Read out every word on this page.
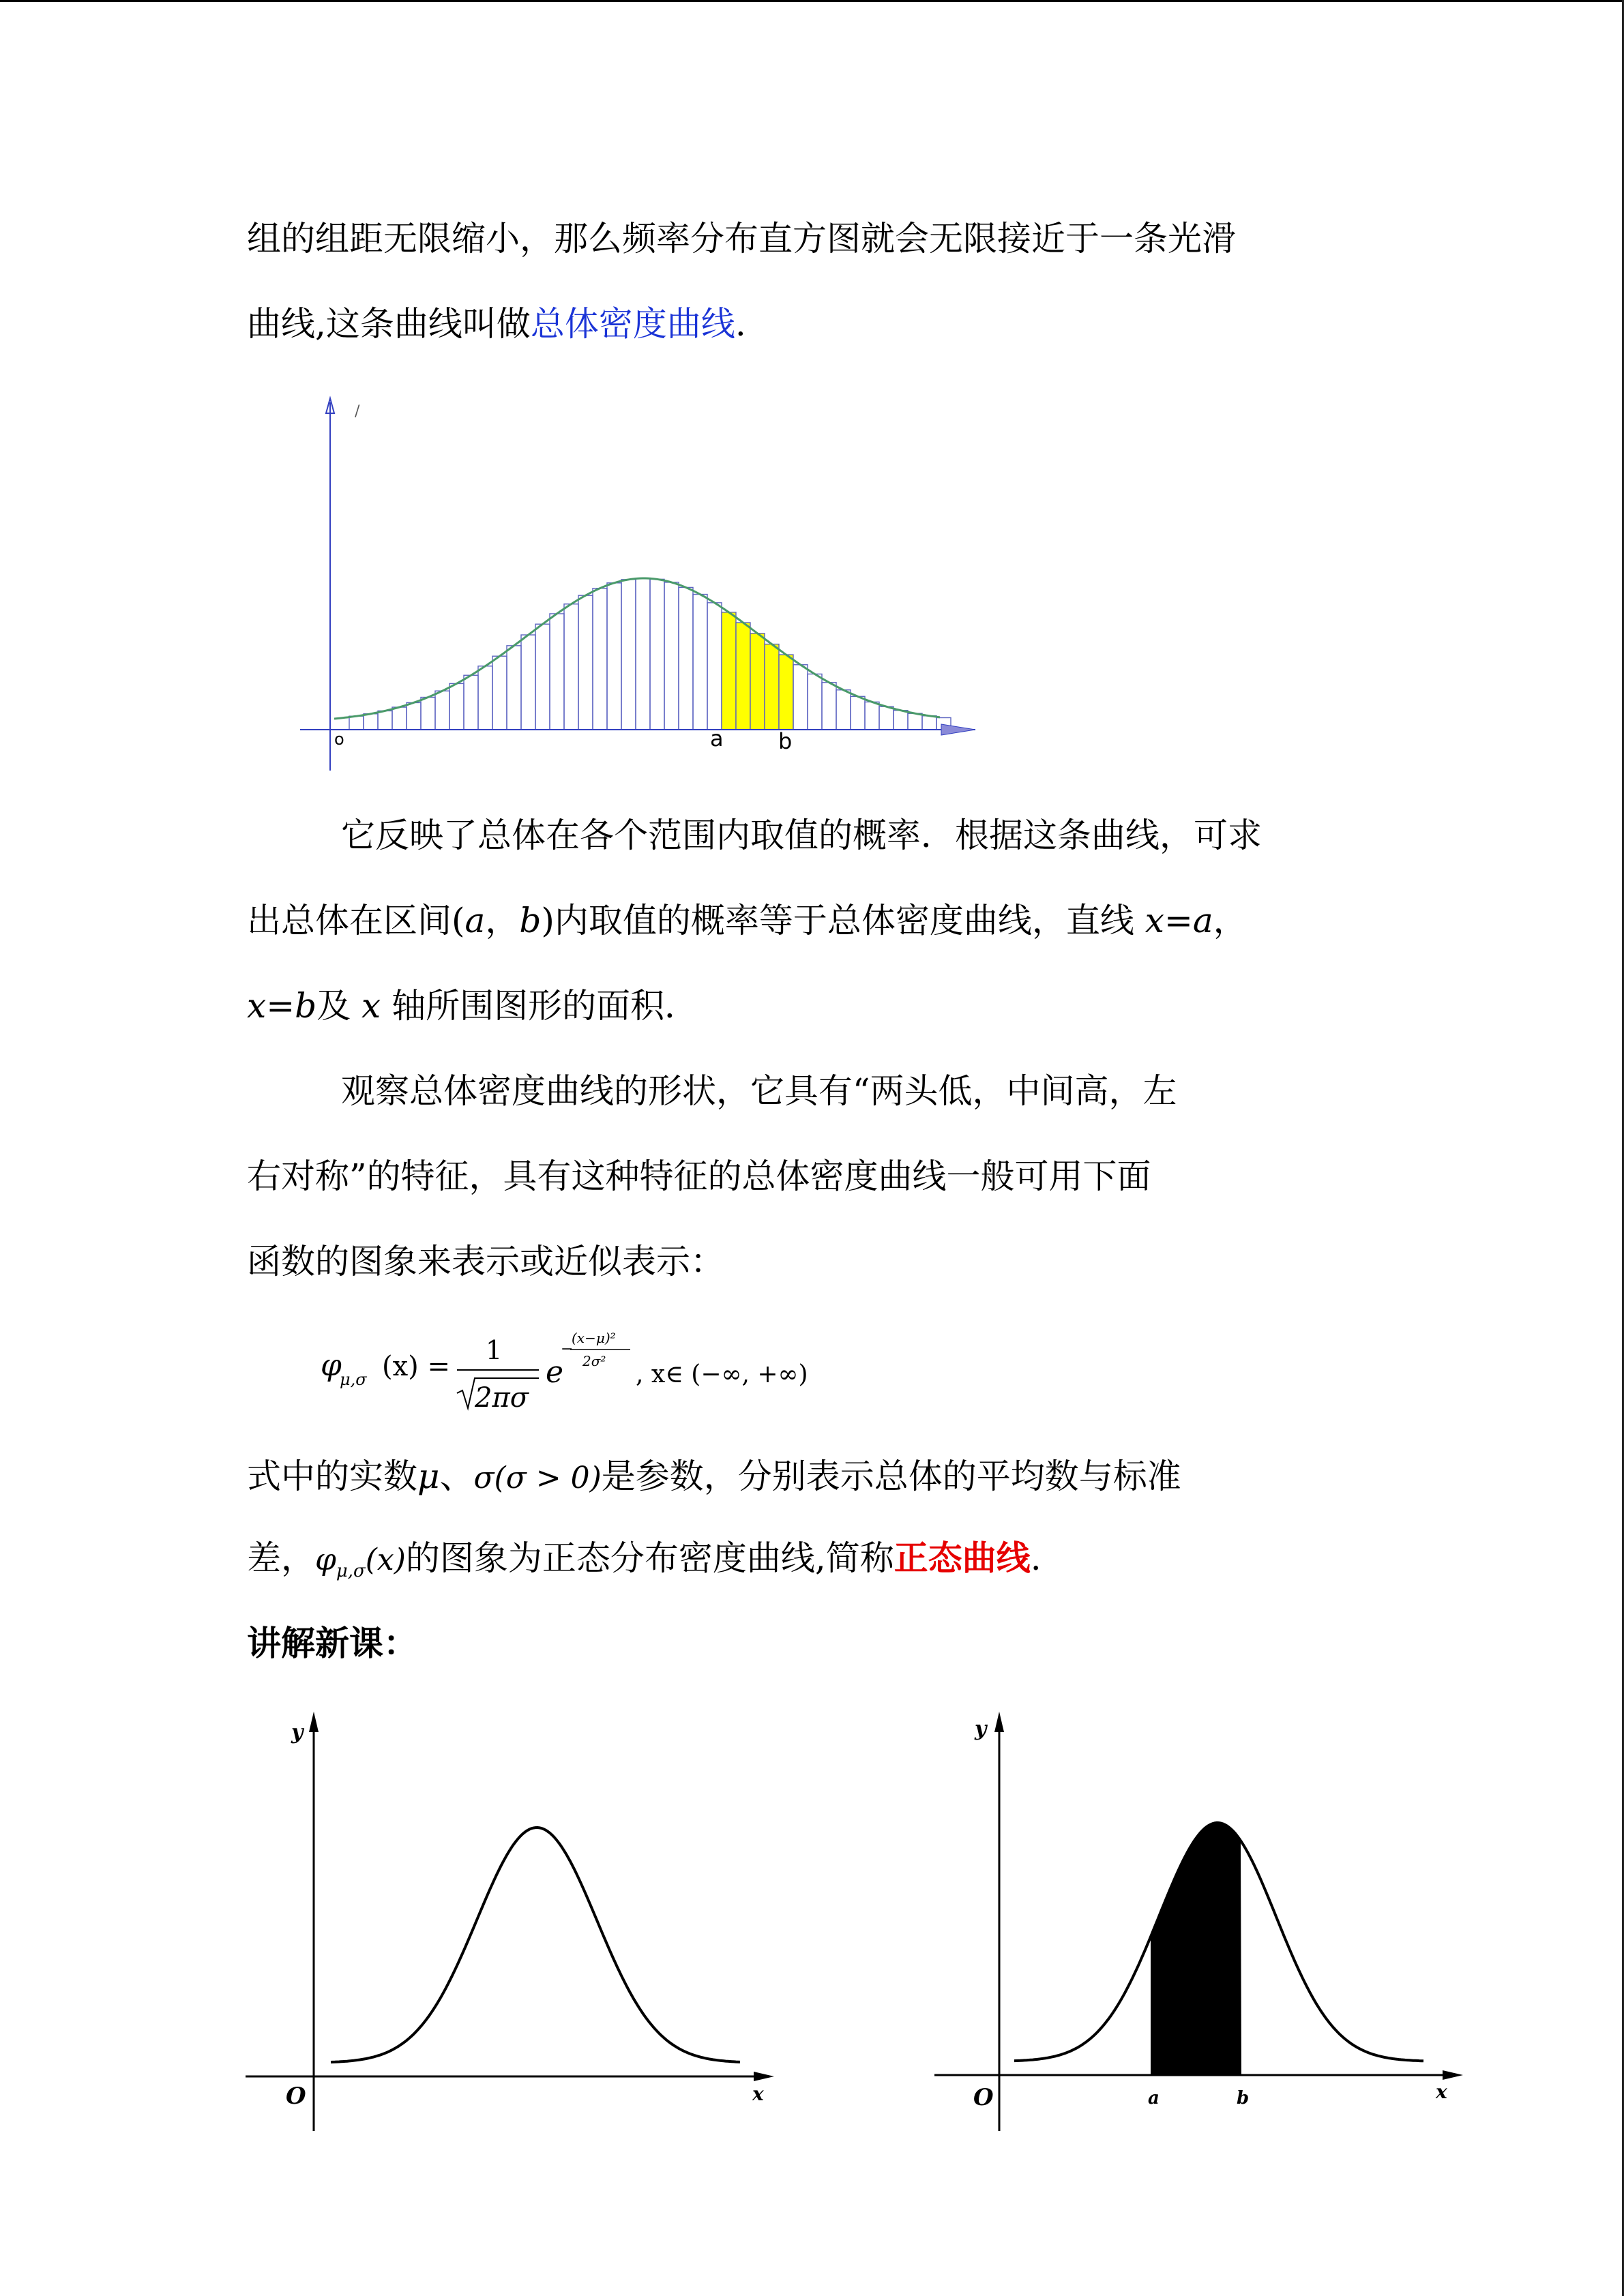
组的组距无限缩小，那么频率分布直方图就会无限接近于一条光滑
曲线,这条曲线叫做总体密度曲线.
/
o	a	b
它反映了总体在各个范围内取值的概率．根据这条曲线，可求
出总体在区间(a，b)内取值的概率等于总体密度曲线，直线 x=a，
x=b及 x 轴所围图形的面积．
观察总体密度曲线的形状，它具有“两头低，中间高，左
右对称”的特征，具有这种特征的总体密度曲线一般可用下面
函数的图象来表示或近似表示：
φ
μ,σ (x) =
1
2πσ
e
−
(x−μ)²
2σ² , x∈ (−∞, +∞)
式中的实数μ、σ(σ > 0)是参数，分别表示总体的平均数与标准
差，$\varphi_{\mu,\sigma}(x)$的图象为正态分布密度曲线,简称正态曲线.
讲解新课：
y
x
O
y
x
O	a	b
